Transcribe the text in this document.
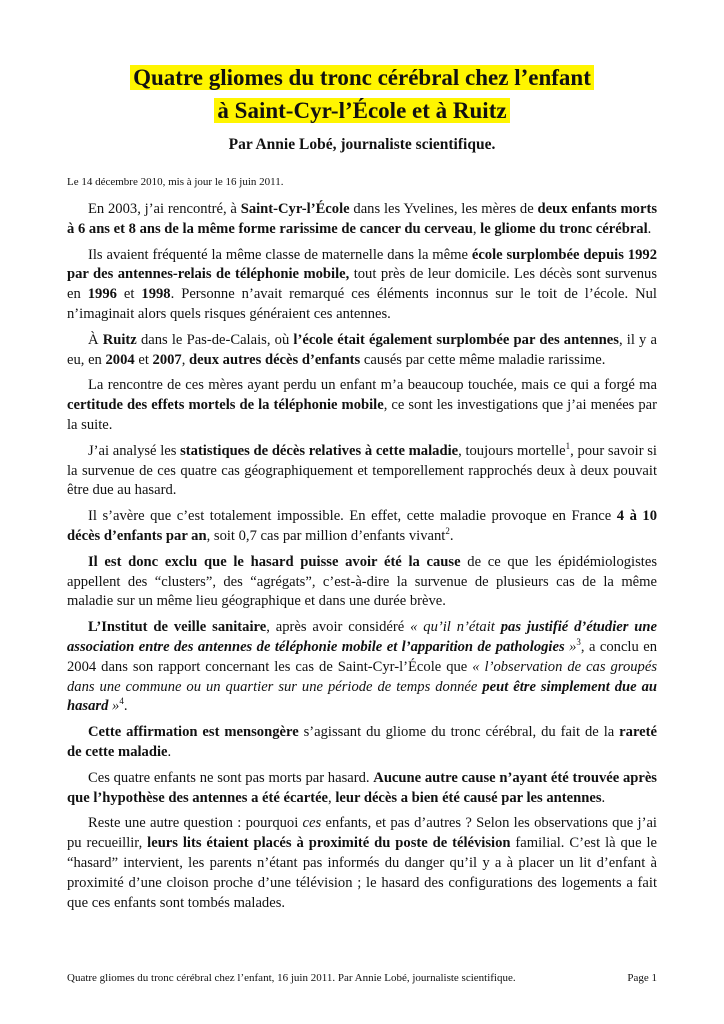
Quatre gliomes du tronc cérébral chez l’enfant
à Saint-Cyr-l’École et à Ruitz
Par Annie Lobé, journaliste scientifique.
Le 14 décembre 2010, mis à jour le 16 juin 2011.

En 2003, j’ai rencontré, à Saint-Cyr-l’École dans les Yvelines, les mères de deux enfants morts à 6 ans et 8 ans de la même forme rarissime de cancer du cerveau, le gliome du tronc cérébral.

Ils avaient fréquenté la même classe de maternelle dans la même école surplombée depuis 1992 par des antennes-relais de téléphonie mobile, tout près de leur domicile. Les décès sont survenus en 1996 et 1998. Personne n’avait remarqué ces éléments inconnus sur le toit de l’école. Nul n’imaginait alors quels risques généraient ces antennes.

À Ruitz dans le Pas-de-Calais, où l’école était également surplombée par des antennes, il y a eu, en 2004 et 2007, deux autres décès d’enfants causés par cette même maladie rarissime.

La rencontre de ces mères ayant perdu un enfant m’a beaucoup touchée, mais ce qui a forgé ma certitude des effets mortels de la téléphonie mobile, ce sont les investigations que j’ai menées par la suite.

J’ai analysé les statistiques de décès relatives à cette maladie, toujours mortelle$^1$, pour savoir si la survenue de ces quatre cas géographiquement et temporellement rapprochés deux à deux pouvait être due au hasard.

Il s’avère que c’est totalement impossible. En effet, cette maladie provoque en France 4 à 10 décès d’enfants par an, soit 0,7 cas par million d’enfants vivant$^2$.

Il est donc exclu que le hasard puisse avoir été la cause de ce que les épidémiologistes appellent des “clusters”, des “agrégats”, c’est-à-dire la survenue de plusieurs cas de la même maladie sur un même lieu géographique et dans une durée brève.

L’Institut de veille sanitaire, après avoir considéré « qu’il n’était pas justifié d’étudier une association entre des antennes de téléphonie mobile et l’apparition de pathologies »$^3$, a conclu en 2004 dans son rapport concernant les cas de Saint-Cyr-l’École que « l’observation de cas groupés dans une commune ou un quartier sur une période de temps donnée peut être simplement due au hasard »$^4$.

Cette affirmation est mensongère s’agissant du gliome du tronc cérébral, du fait de la rareté de cette maladie.

Ces quatre enfants ne sont pas morts par hasard. Aucune autre cause n’ayant été trouvée après que l’hypothèse des antennes a été écartée, leur décès a bien été causé par les antennes.

Reste une autre question : pourquoi ces enfants, et pas d’autres ? Selon les observations que j’ai pu recueillir, leurs lits étaient placés à proximité du poste de télévision familial. C’est là que le “hasard” intervient, les parents n’étant pas informés du danger qu’il y a à placer un lit d’enfant à proximité d’une cloison proche d’une télévision ; le hasard des configurations des logements a fait que ces enfants sont tombés malades.

Quatre gliomes du tronc cérébral chez l’enfant, 16 juin 2011. Par Annie Lobé, journaliste scientifique.	Page 1
